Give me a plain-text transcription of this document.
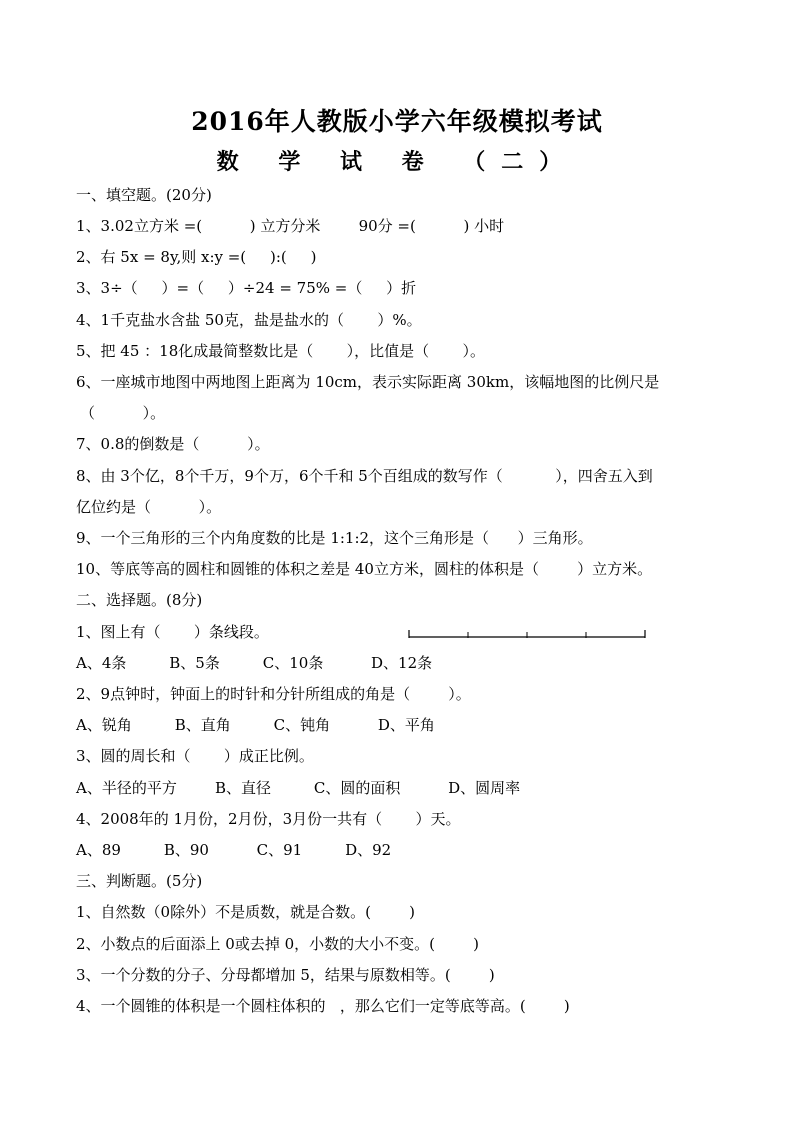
2016年人教版小学六年级模拟考试
数 学 试 卷 （二）
一、填空题。(20分)
1、3.02立方米 =(          ) 立方分米        90分 =(          ) 小时
2、右 5x = 8y,则 x:y =(     ):(     )
3、3÷（     ）=（     ）÷24 = 75% =（     ）折
4、1千克盐水含盐 50克，盐是盐水的（       ）%。
5、把 45 ：18化成最简整数比是（       ），比值是（       ）。
6、一座城市地图中两地图上距离为 10cm，表示实际距离 30km，该幅地图的比例尺是
（          ）。
7、0.8的倒数是（          ）。
8、由 3个亿，8个千万，9个万，6个千和 5个百组成的数写作（           ），四舍五入到
亿位约是（          ）。
9、一个三角形的三个内角度数的比是 1:1:2，这个三角形是（      ）三角形。
10、等底等高的圆柱和圆锥的体积之差是 40立方米，圆柱的体积是（        ）立方米。
二、选择题。(8分)
1、图上有（       ）条线段。
A、4条         B、5条         C、10条          D、12条
2、9点钟时，钟面上的时针和分针所组成的角是（        ）。
A、锐角         B、直角         C、钝角          D、平角
3、圆的周长和（       ）成正比例。
A、半径的平方        B、直径         C、圆的面积          D、圆周率
4、2008年的 1月份，2月份，3月份一共有（       ）天。
A、89         B、90          C、91         D、92
三、判断题。(5分)
1、自然数（0除外）不是质数，就是合数。(        )
2、小数点的后面添上 0或去掉 0，小数的大小不变。(        )
3、一个分数的分子、分母都增加 5，结果与原数相等。(        )
4、一个圆锥的体积是一个圆柱体积的   ，那么它们一定等底等高。(        )
